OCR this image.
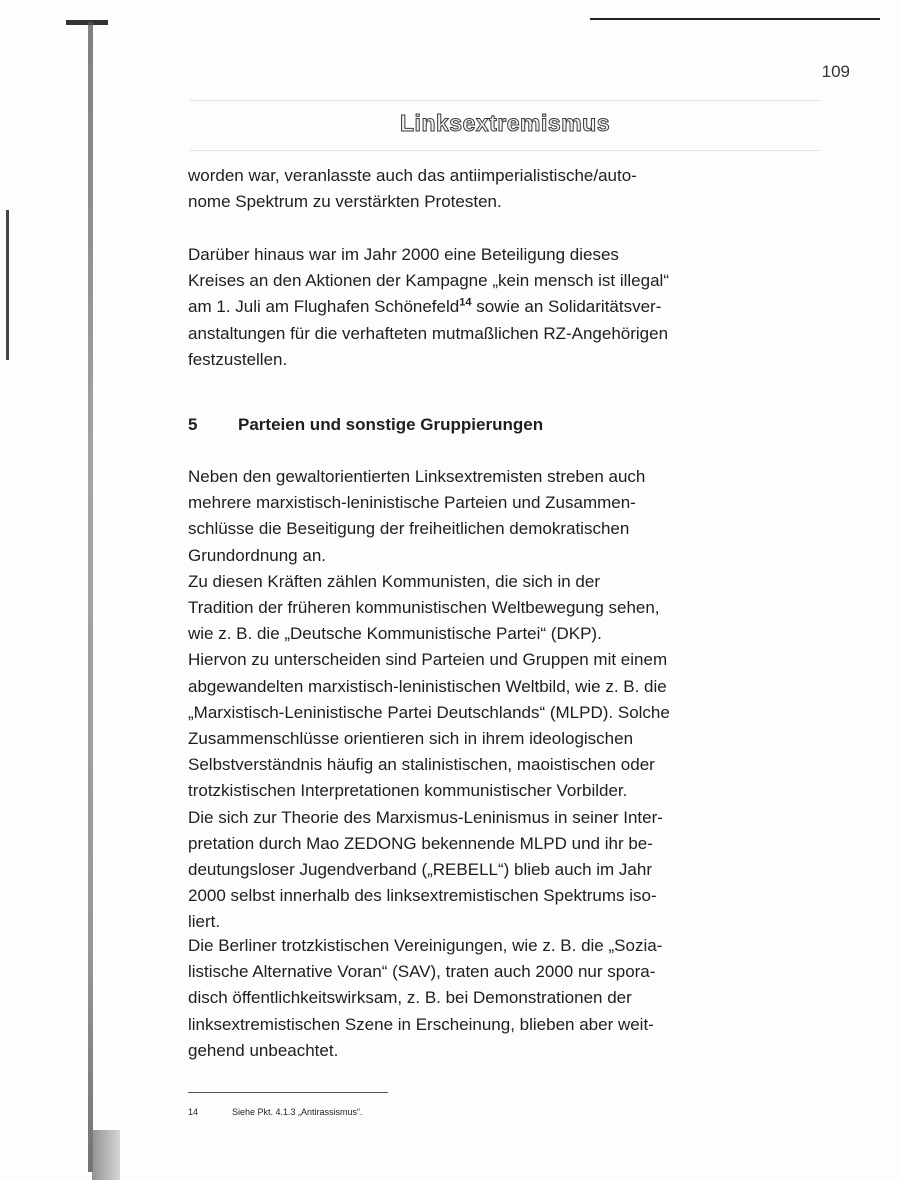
109
Linksextremismus

worden war, veranlasste auch das antiimperialistische/auto-
nome Spektrum zu verstärkten Protesten.

Darüber hinaus war im Jahr 2000 eine Beteiligung dieses
Kreises an den Aktionen der Kampagne „kein mensch ist illegal“
am 1. Juli am Flughafen Schönefeld$^{14}$ sowie an Solidaritätsver-
anstaltungen für die verhafteten mutmaßlichen RZ-Angehörigen
festzustellen.

5 Parteien und sonstige Gruppierungen

Neben den gewaltorientierten Linksextremisten streben auch
mehrere marxistisch-leninistische Parteien und Zusammen-
schlüsse die Beseitigung der freiheitlichen demokratischen
Grundordnung an.
Zu diesen Kräften zählen Kommunisten, die sich in der
Tradition der früheren kommunistischen Weltbewegung sehen,
wie z. B. die „Deutsche Kommunistische Partei“ (DKP).
Hiervon zu unterscheiden sind Parteien und Gruppen mit einem
abgewandelten marxistisch-leninistischen Weltbild, wie z. B. die
„Marxistisch-Leninistische Partei Deutschlands“ (MLPD). Solche
Zusammenschlüsse orientieren sich in ihrem ideologischen
Selbstverständnis häufig an stalinistischen, maoistischen oder
trotzkistischen Interpretationen kommunistischer Vorbilder.
Die sich zur Theorie des Marxismus-Leninismus in seiner Inter-
pretation durch Mao ZEDONG bekennende MLPD und ihr be-
deutungsloser Jugendverband („REBELL“) blieb auch im Jahr
2000 selbst innerhalb des linksextremistischen Spektrums iso-
liert.

Die Berliner trotzkistischen Vereinigungen, wie z. B. die „Sozia-
listische Alternative Voran“ (SAV), traten auch 2000 nur spora-
disch öffentlichkeitswirksam, z. B. bei Demonstrationen der
linksextremistischen Szene in Erscheinung, blieben aber weit-
gehend unbeachtet.

14	Siehe Pkt. 4.1.3 „Antirassismus“.
